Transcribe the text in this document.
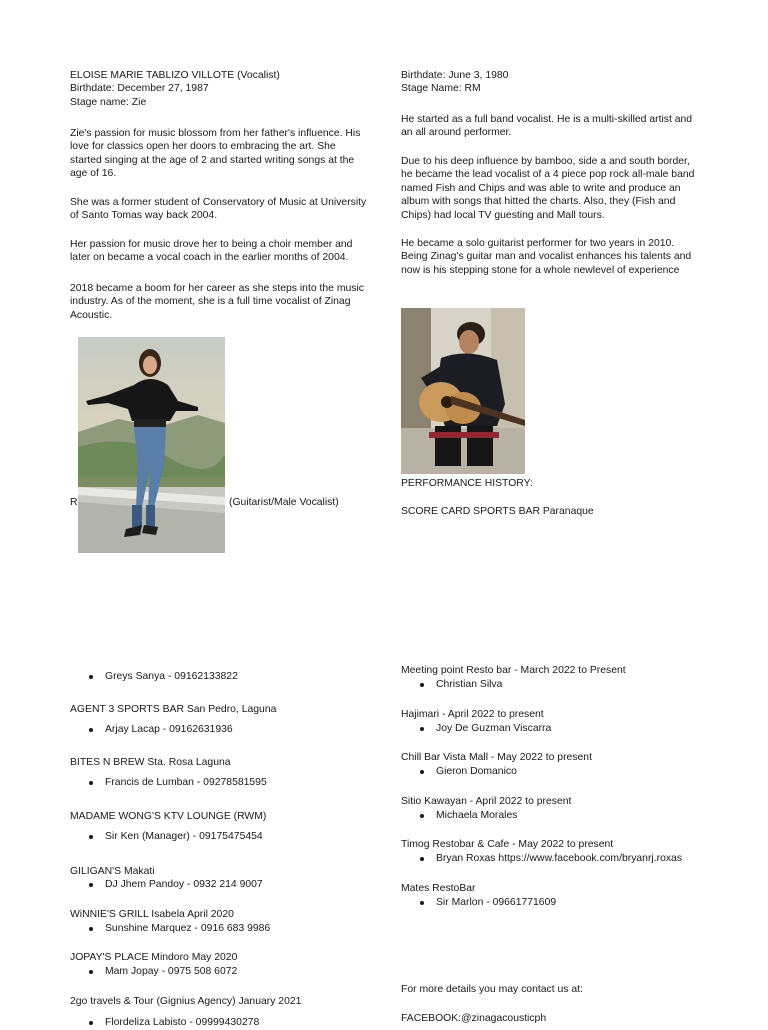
ELOISE MARIE TABLIZO VILLOTE (Vocalist)

Birthdate: December 27, 1987

Stage name: Zie

Zie's passion for music blossom from her father's influence. His love for classics open her doors to embracing the art. She started singing at the age of 2 and started writing songs at the age of 16.

She was a former student of Conservatory of Music at University of Santo Tomas way back 2004.

Her passion for music drove her to being a choir member and later on became a vocal coach in the earlier months of 2004.

2018 became a boom for her career as she steps into the music industry. As of the moment, she is a full time vocalist of Zinag Acoustic.

R	(Guitarist/Male Vocalist)

Birthdate: June 3, 1980

Stage Name: RM

He started as a full band vocalist. He is a multi-skilled artist and an all around performer.

Due to his deep influence by bamboo, side a and south border, he became the lead vocalist of a 4 piece pop rock all-male band named Fish and Chips and was able to write and produce an album with songs that hitted the charts. Also, they (Fish and Chips) had local TV guesting and Mall tours.

He became a solo guitarist performer for two years in 2010. Being Zinag's guitar man and vocalist enhances his talents and now is his stepping stone for a whole newlevel of experience

PERFORMANCE HISTORY:

SCORE CARD SPORTS BAR Paranaque

Greys Sanya - 09162133822

AGENT 3 SPORTS BAR San Pedro, Laguna

Arjay Lacap - 09162631936

BITES N BREW Sta. Rosa Laguna

Francis de Lumban - 09278581595

MADAME WONG'S KTV LOUNGE (RWM)

Sir Ken (Manager) - 09175475454

GILIGAN'S Makati

DJ Jhem Pandoy - 0932 214 9007

WiNNIE'S GRILL Isabela April 2020

Sunshine Marquez - 0916 683 9986

JOPAY'S PLACE Mindoro May 2020

Mam Jopay - 0975 508 6072

2go travels & Tour (Gignius Agency) January 2021

Flordeliza Labisto - 09999430278

Meeting point Resto bar - March 2022 to Present

Christian Silva

Hajimari - April 2022 to present

Joy De Guzman Viscarra

Chill Bar Vista Mall - May 2022 to present

Gieron Domanico

Sitio Kawayan - April 2022 to present

Michaela Morales

Timog Restobar & Cafe - May 2022 to present

Bryan Roxas https://www.facebook.com/bryanrj.roxas

Mates RestoBar

Sir Marlon - 09661771609

For more details you may contact us at:

FACEBOOK:@zinagacousticph
